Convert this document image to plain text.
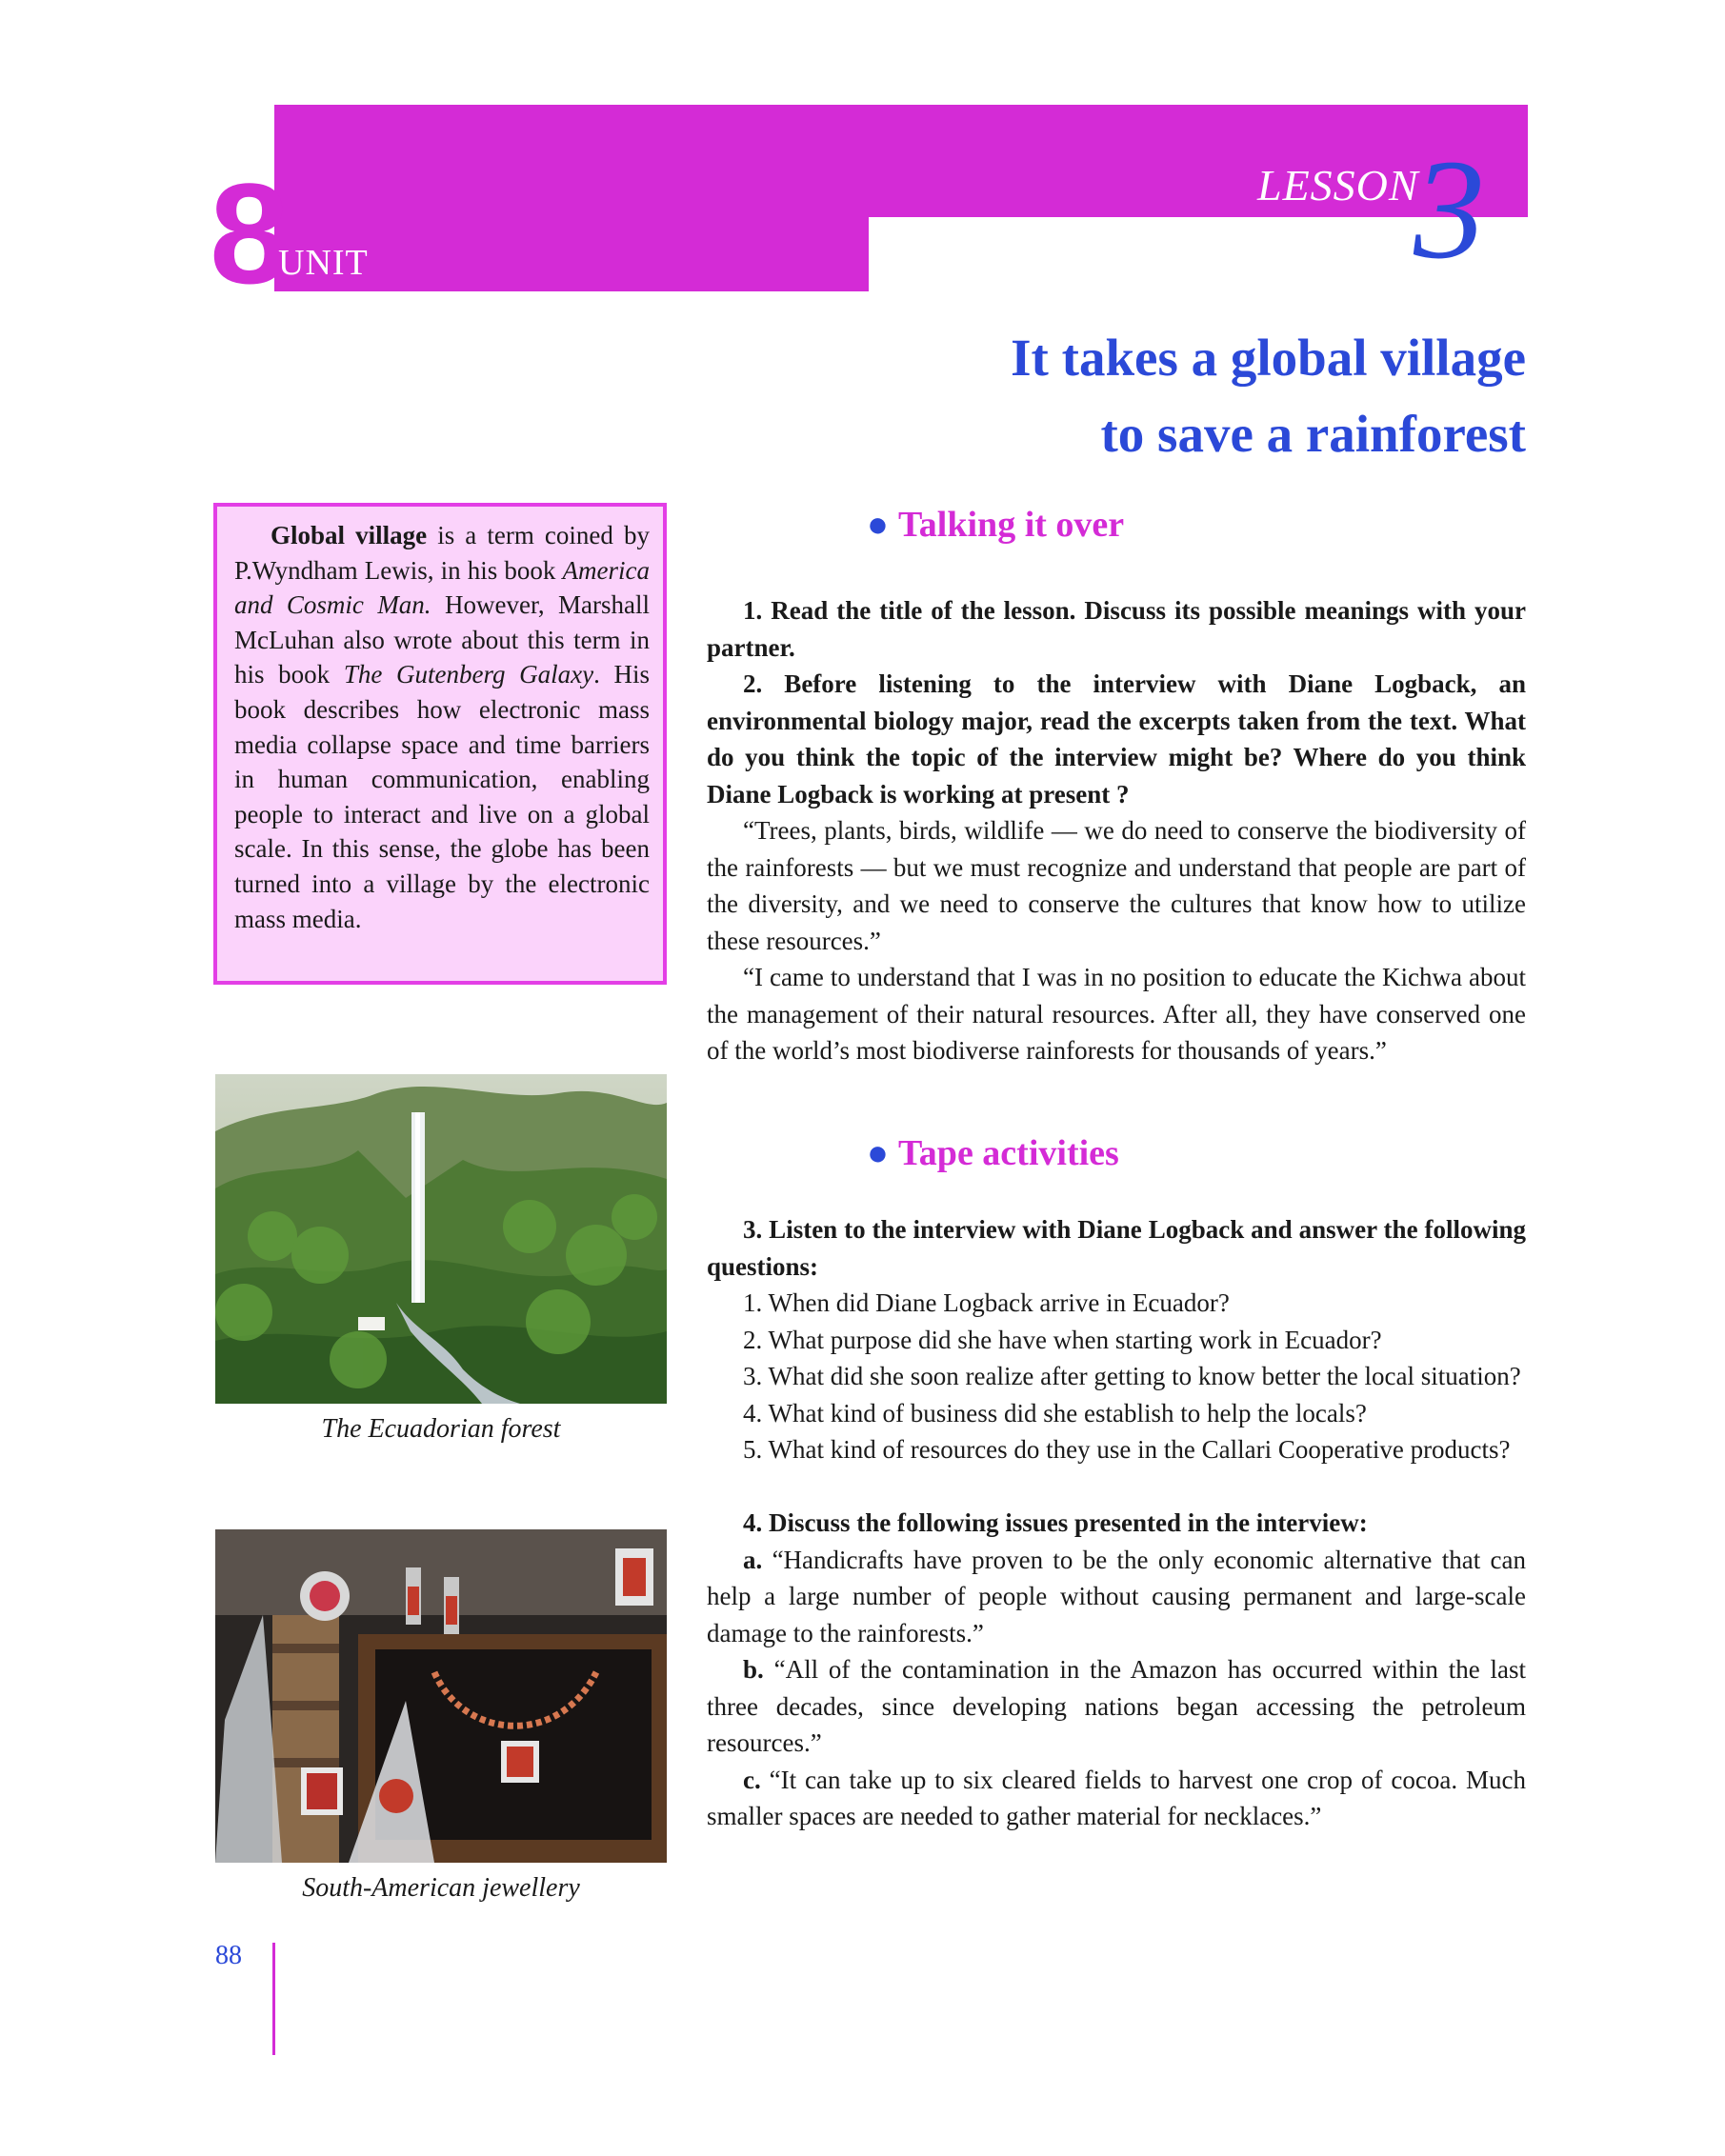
8
UNIT
LESSON
3
It takes a global village
to save a rainforest

Global village is a term coined by P.Wyndham Lewis, in his book America and Cosmic Man. However, Marshall McLuhan also wrote about this term in his book The Gutenberg Galaxy. His book describes how electronic mass media collapse space and time barriers in human communication, enabling people to interact and live on a global scale. In this sense, the globe has been turned into a village by the electronic mass media.

The Ecuadorian forest

South-American jewellery

● Talking it over

1. Read the title of the lesson. Discuss its possible meanings with your partner.

2. Before listening to the interview with Diane Logback, an environmental biology major, read the excerpts taken from the text. What do you think the topic of the interview might be? Where do you think Diane Logback is working at present ?

“Trees, plants, birds, wildlife — we do need to conserve the biodiversity of the rainforests — but we must recognize and understand that people are part of the diversity, and we need to conserve the cultures that know how to utilize these resources.”

“I came to understand that I was in no position to educate the Kichwa about the management of their natural resources. After all, they have conserved one of the world’s most biodiverse rainforests for thousands of years.”

● Tape activities

3. Listen to the interview with Diane Logback and answer the following questions:

1. When did Diane Logback arrive in Ecuador?

2. What purpose did she have when starting work in Ecuador?

3. What did she soon realize after getting to know better the local situation?

4. What kind of business did she establish to help the locals?

5. What kind of resources do they use in the Callari Cooperative products?

4. Discuss the following issues presented in the interview:

a. “Handicrafts have proven to be the only economic alternative that can help a large number of people without causing permanent and large-scale damage to the rainforests.”

b. “All of the contamination in the Amazon has occurred within the last three decades, since developing nations began accessing the petroleum resources.”

c. “It can take up to six cleared fields to harvest one crop of cocoa. Much smaller spaces are needed to gather material for necklaces.”

88
